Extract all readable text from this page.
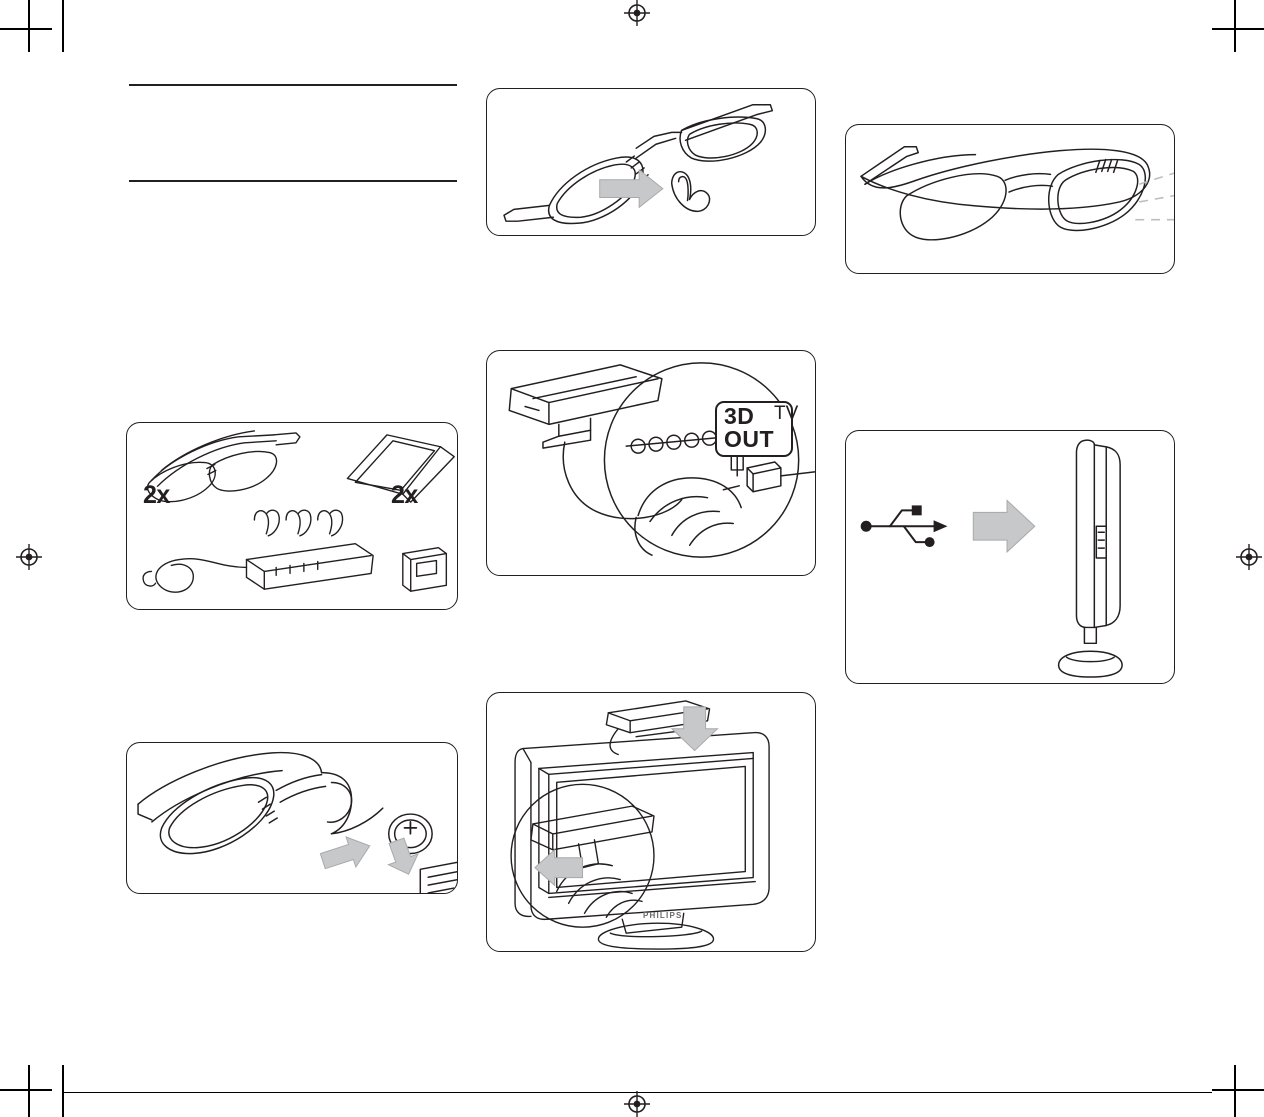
2x	2x
3D
OUT
TV
PHILIPS
